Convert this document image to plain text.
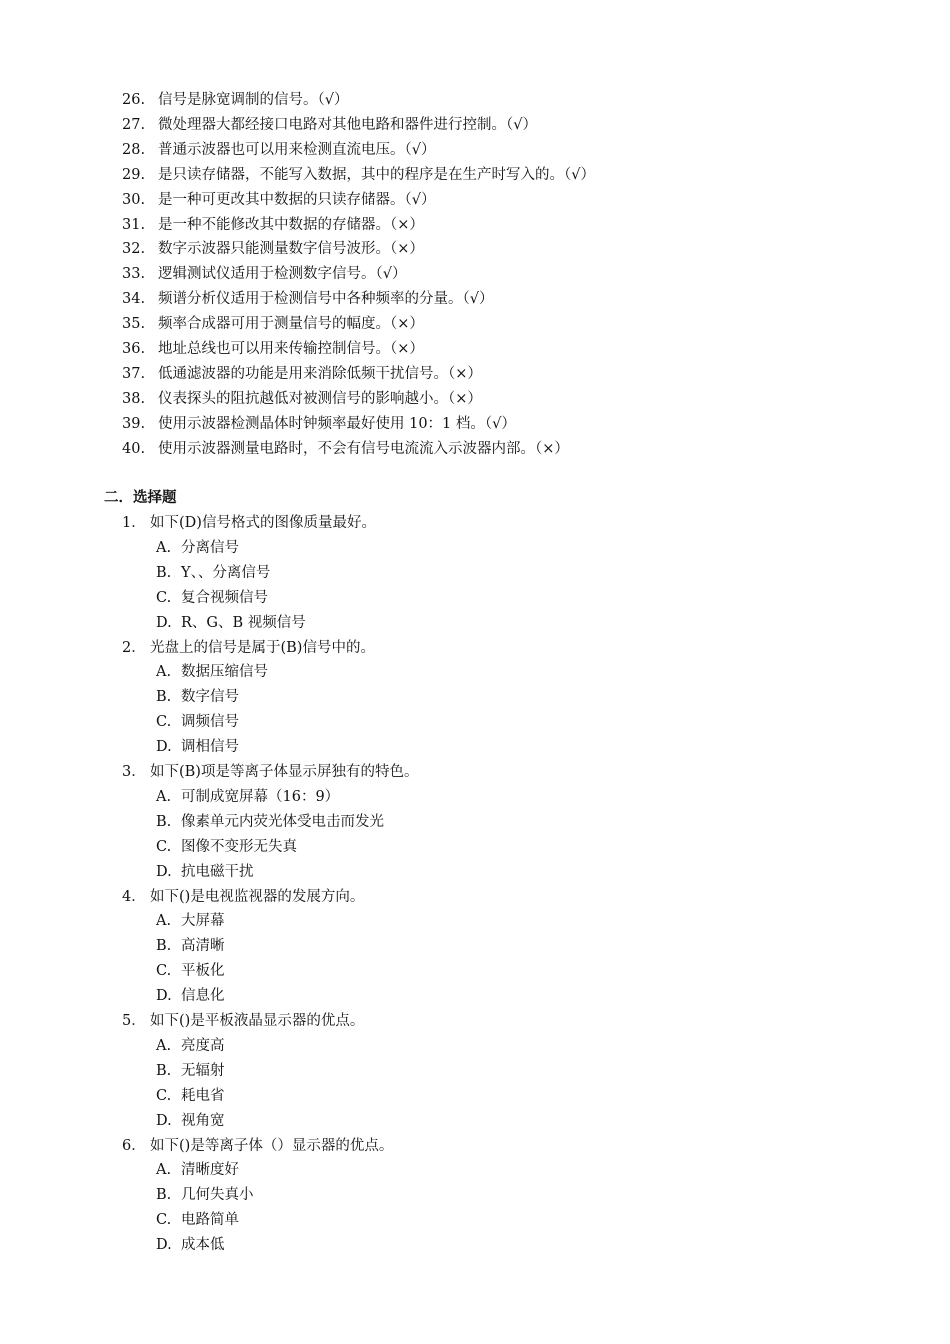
26. 信号是脉宽调制的信号。（√）
27. 微处理器大都经接口电路对其他电路和器件进行控制。（√）
28. 普通示波器也可以用来检测直流电压。（√）
29. 是只读存储器，不能写入数据，其中的程序是在生产时写入的。（√）
30. 是一种可更改其中数据的只读存储器。（√）
31. 是一种不能修改其中数据的存储器。（×）
32. 数字示波器只能测量数字信号波形。（×）
33. 逻辑测试仪适用于检测数字信号。（√）
34. 频谱分析仪适用于检测信号中各种频率的分量。（√）
35. 频率合成器可用于测量信号的幅度。（×）
36. 地址总线也可以用来传输控制信号。（×）
37. 低通滤波器的功能是用来消除低频干扰信号。（×）
38. 仪表探头的阻抗越低对被测信号的影响越小。（×）
39. 使用示波器检测晶体时钟频率最好使用 10：1 档。（√）
40. 使用示波器测量电路时，不会有信号电流流入示波器内部。（×）
二．选择题
1． 如下(D)信号格式的图像质量最好。
A. 分离信号
B. Y、、分离信号
C. 复合视频信号
D. R、G、B 视频信号
2． 光盘上的信号是属于(B)信号中的。
A. 数据压缩信号
B. 数字信号
C. 调频信号
D. 调相信号
3． 如下(B)项是等离子体显示屏独有的特色。
A. 可制成宽屏幕（16：9）
B. 像素单元内荧光体受电击而发光
C. 图像不变形无失真
D. 抗电磁干扰
4． 如下()是电视监视器的发展方向。
A. 大屏幕
B. 高清晰
C. 平板化
D. 信息化
5． 如下()是平板液晶显示器的优点。
A. 亮度高
B. 无辐射
C. 耗电省
D. 视角宽
6． 如下()是等离子体（）显示器的优点。
A. 清晰度好
B. 几何失真小
C. 电路简单
D. 成本低
